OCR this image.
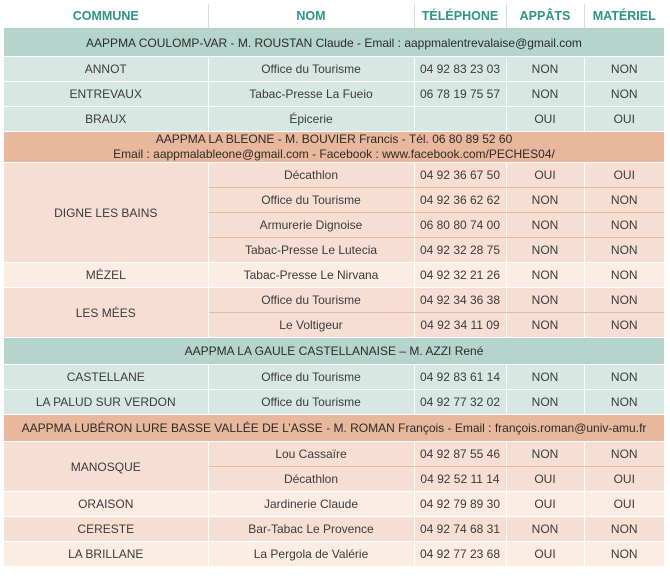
COMMUNE	NOM	TÉLÉPHONE	APPÂTS	MATÉRIEL
AAPPMA COULOMP-VAR - M. ROUSTAN Claude - Email : aappmalentrevalaise@gmail.com				
ANNOT	Office du Tourisme	04 92 83 23 03	NON	NON
ENTREVAUX	Tabac-Presse La Fueio	06 78 19 75 57	NON	NON
BRAUX	Épicerie		OUI	OUI

AAPPMA LA BLEONE - M. BOUVIER Francis - Tél. 06 80 89 52 60
Email : aappmalableone@gmail.com - Facebook : www.facebook.com/PECHES04/				

DIGNE LES BAINS	Décathlon	04 92 36 67 50	OUI	OUI
	Office du Tourisme	04 92 36 62 62	NON	NON
	Armurerie Dignoise	06 80 80 74 00	NON	NON
	Tabac-Presse Le Lutecia	04 92 32 28 75	NON	NON
MÉZEL	Tabac-Presse Le Nirvana	04 92 32 21 26	NON	NON
LES MÉES	Office du Tourisme	04 92 34 36 38	NON	NON
	Le Voltigeur	04 92 34 11 09	NON	NON
AAPPMA LA GAULE CASTELLANAISE – M. AZZI René				
CASTELLANE	Office du Tourisme	04 92 83 61 14	NON	NON
LA PALUD SUR VERDON	Office du Tourisme	04 92 77 32 02	NON	NON
AAPPMA LUBÉRON LURE BASSE VALLÉE DE L’ASSE - M. ROMAN François - Email : françois.roman@univ-amu.fr				
MANOSQUE	Lou Cassaïre	04 92 87 55 46	NON	NON
	Décathlon	04 92 52 11 14	OUI	OUI
ORAISON	Jardinerie Claude	04 92 79 89 30	OUI	OUI
CERESTE	Bar-Tabac Le Provence	04 92 74 68 31	NON	NON
LA BRILLANE	La Pergola de Valérie	04 92 77 23 68	OUI	NON
